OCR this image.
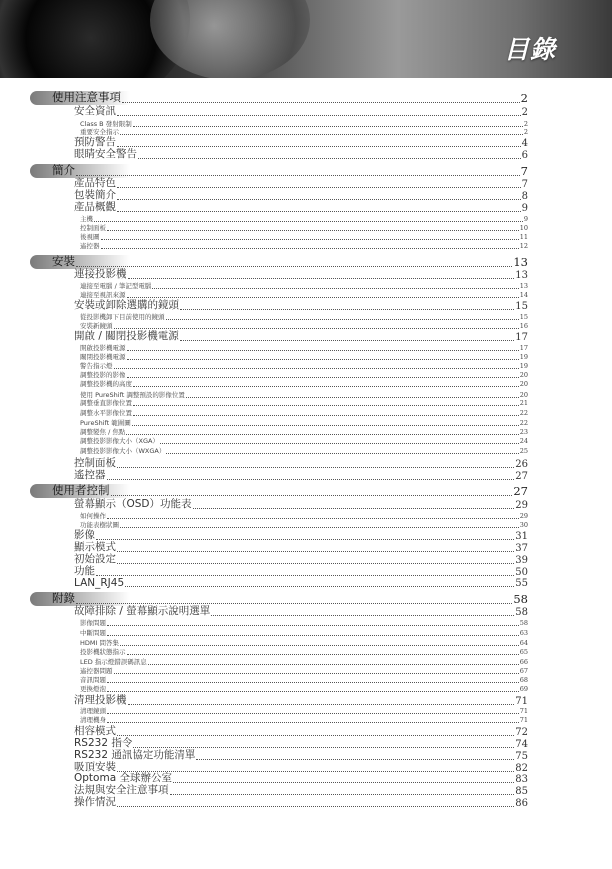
目錄
使用注意事項	2
安全資訊	2
Class B 發射限制	2
重要安全指示	2
預防警告	4
眼睛安全警告	6
簡介	7
產品特色	7
包裝簡介	8
產品概觀	9
主機	9
控制面板	10
後視圖	11
遙控器	12
安裝	13
連接投影機	13
連接至電腦 / 筆記型電腦	13
連接至視訊來源	14
安裝或卸除選購的鏡頭	15
從投影機卸下目前使用的鏡頭	15
安裝新鏡頭	16
開啟 / 關閉投影機電源	17
開啟投影機電源	17
關閉投影機電源	19
警告指示燈	19
調整投影的影像	20
調整投影機的高度	20
使用 PureShift 調整預設的影像位置	20
調整垂直影像位置	21
調整水平影像位置	22
PureShift 範圍圖	22
調整變焦 / 焦點	23
調整投影影像大小（XGA）	24
調整投影影像大小（WXGA）	25
控制面板	26
遙控器	27
使用者控制	27
螢幕顯示（OSD）功能表	29
如何操作	29
功能表樹狀圖	30
影像	31
顯示模式	37
初始設定	39
功能	50
LAN_RJ45	55
附錄	58
故障排除 / 螢幕顯示說明選單	58
影像問題	58
中斷問題	63
HDMI 問答集	64
投影機狀態指示	65
LED 指示燈錯誤碼訊息	66
遙控器問題	67
音訊問題	68
更換燈泡	69
清理投影機	71
清理鏡頭	71
清理機身	71
相容模式	72
RS232 指令	74
RS232 通訊協定功能清單	75
吸頂安裝	82
Optoma 全球辦公室	83
法規與安全注意事項	85
操作情況	86
